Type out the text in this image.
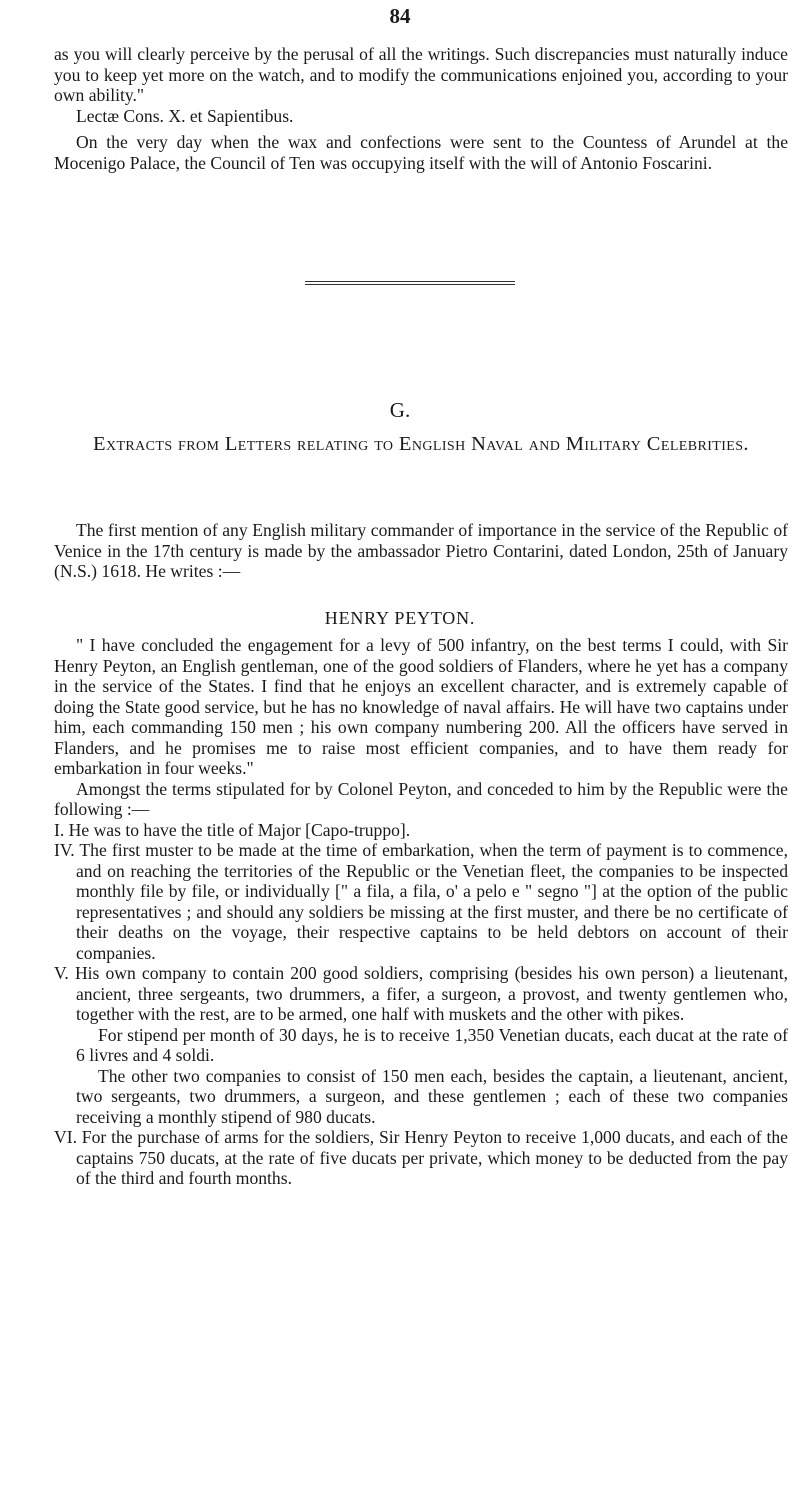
84

as you will clearly perceive by the perusal of all the writings. Such discrepancies must naturally induce you to keep yet more on the watch, and to modify the communications enjoined you, according to your own ability."

Lectæ Cons. X. et Sapientibus.

On the very day when the wax and confections were sent to the Countess of Arundel at the Mocenigo Palace, the Council of Ten was occupying itself with the will of Antonio Foscarini.

G.
Extracts from Letters relating to English Naval and Military Celebrities.

The first mention of any English military commander of importance in the service of the Republic of Venice in the 17th century is made by the ambassador Pietro Contarini, dated London, 25th of January (N.S.) 1618. He writes :—

HENRY PEYTON.

" I have concluded the engagement for a levy of 500 infantry, on the best terms I could, with Sir Henry Peyton, an English gentleman, one of the good soldiers of Flanders, where he yet has a company in the service of the States. I find that he enjoys an excellent character, and is extremely capable of doing the State good service, but he has no knowledge of naval affairs. He will have two captains under him, each commanding 150 men ; his own company numbering 200. All the officers have served in Flanders, and he promises me to raise most efficient companies, and to have them ready for embarkation in four weeks."

Amongst the terms stipulated for by Colonel Peyton, and conceded to him by the Republic were the following :—

I. He was to have the title of Major [Capo-truppo].

IV. The first muster to be made at the time of embarkation, when the term of payment is to commence, and on reaching the territories of the Republic or the Venetian fleet, the companies to be inspected monthly file by file, or individually [" a fila, a fila, o' a pelo e " segno "] at the option of the public representatives ; and should any soldiers be missing at the first muster, and there be no certificate of their deaths on the voyage, their respective captains to be held debtors on account of their companies.

V. His own company to contain 200 good soldiers, comprising (besides his own person) a lieutenant, ancient, three sergeants, two drummers, a fifer, a surgeon, a provost, and twenty gentlemen who, together with the rest, are to be armed, one half with muskets and the other with pikes.

For stipend per month of 30 days, he is to receive 1,350 Venetian ducats, each ducat at the rate of 6 livres and 4 soldi.

The other two companies to consist of 150 men each, besides the captain, a lieutenant, ancient, two sergeants, two drummers, a surgeon, and these gentlemen ; each of these two companies receiving a monthly stipend of 980 ducats.

VI. For the purchase of arms for the soldiers, Sir Henry Peyton to receive 1,000 ducats, and each of the captains 750 ducats, at the rate of five ducats per private, which money to be deducted from the pay of the third and fourth months.
